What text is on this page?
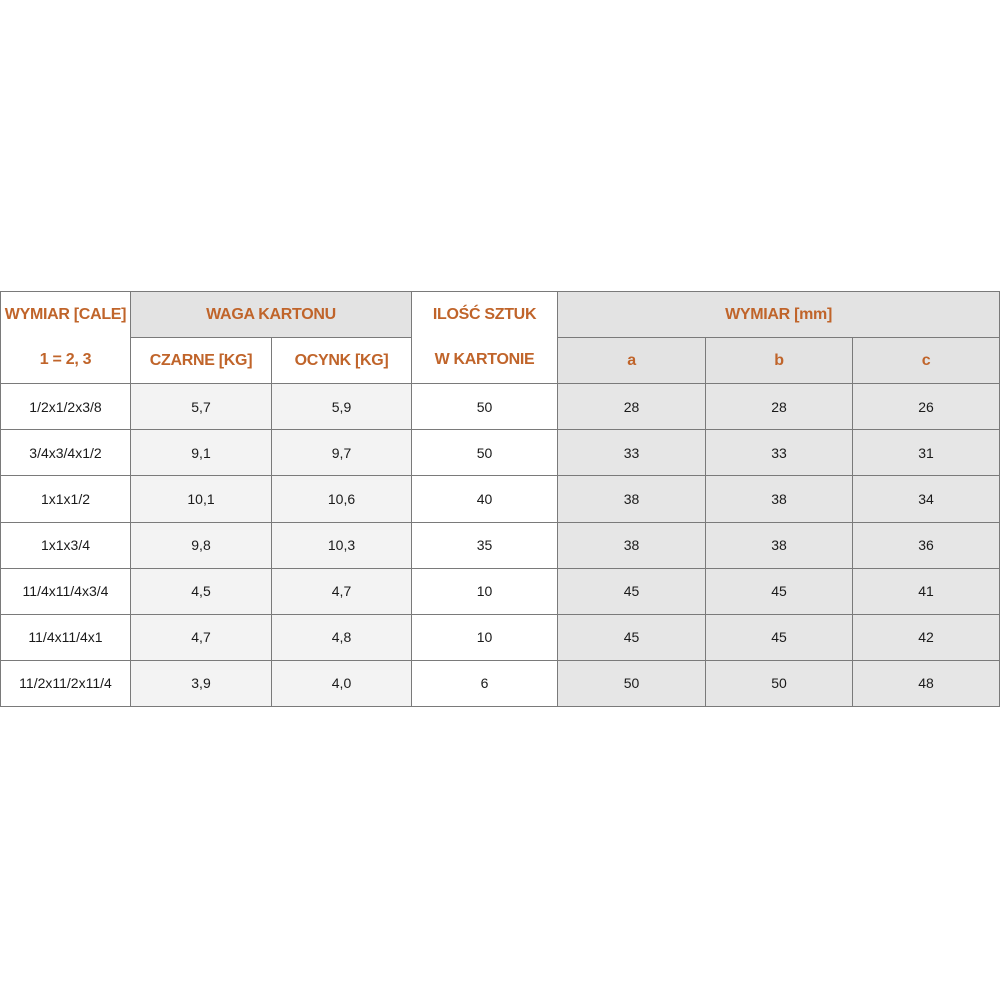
WYMIAR [CALE]	WAGA KARTONU		ILOŚĆ SZTUK	WYMIAR [mm]		
1 = 2, 3	CZARNE [KG]	OCYNK [KG]	W KARTONIE	a	b	c
1/2x1/2x3/8	5,7	5,9	50	28	28	26
3/4x3/4x1/2	9,1	9,7	50	33	33	31
1x1x1/2	10,1	10,6	40	38	38	34
1x1x3/4	9,8	10,3	35	38	38	36
11/4x11/4x3/4	4,5	4,7	10	45	45	41
11/4x11/4x1	4,7	4,8	10	45	45	42
11/2x11/2x11/4	3,9	4,0	6	50	50	48
